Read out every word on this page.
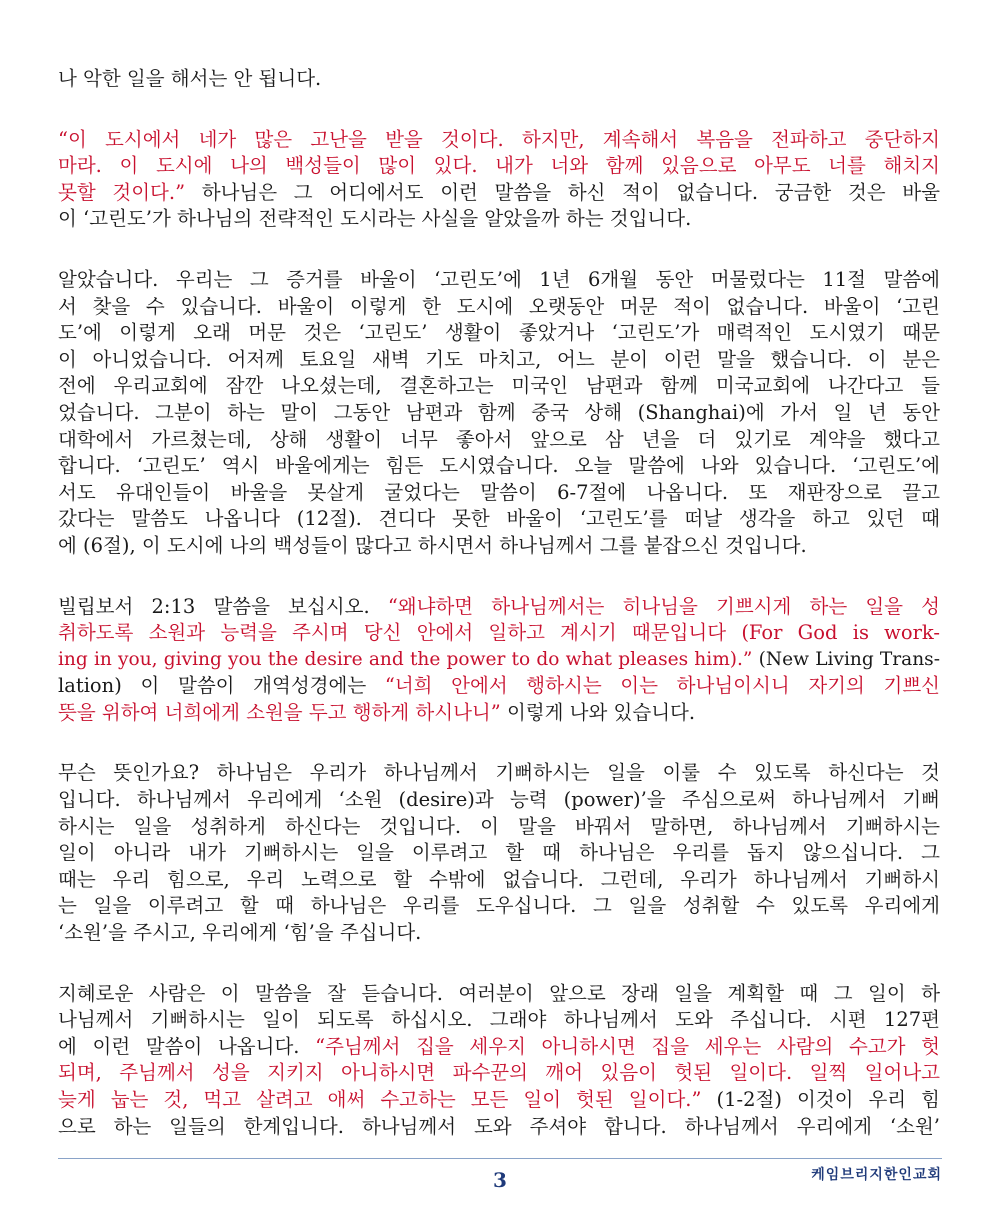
나 악한 일을 해서는 안 됩니다.

“이 도시에서 네가 많은 고난을 받을 것이다. 하지만, 계속해서 복음을 전파하고 중단하지
마라. 이 도시에 나의 백성들이 많이 있다. 내가 너와 함께 있음으로 아무도 너를 해치지
못할 것이다.” 하나님은 그 어디에서도 이런 말씀을 하신 적이 없습니다. 궁금한 것은 바울
이 ‘고린도’가 하나님의 전략적인 도시라는 사실을 알았을까 하는 것입니다.

알았습니다. 우리는 그 증거를 바울이 ‘고린도’에 1년 6개월 동안 머물렀다는 11절 말씀에
서 찾을 수 있습니다. 바울이 이렇게 한 도시에 오랫동안 머문 적이 없습니다. 바울이 ‘고린
도’에 이렇게 오래 머문 것은 ‘고린도’ 생활이 좋았거나 ‘고린도’가 매력적인 도시였기 때문
이 아니었습니다. 어저께 토요일 새벽 기도 마치고, 어느 분이 이런 말을 했습니다. 이 분은
전에 우리교회에 잠깐 나오셨는데, 결혼하고는 미국인 남편과 함께 미국교회에 나간다고 들
었습니다. 그분이 하는 말이 그동안 남편과 함께 중국 상해 (Shanghai)에 가서 일 년 동안
대학에서 가르쳤는데, 상해 생활이 너무 좋아서 앞으로 삼 년을 더 있기로 계약을 했다고
합니다. ‘고린도’ 역시 바울에게는 힘든 도시였습니다. 오늘 말씀에 나와 있습니다. ‘고린도’에
서도 유대인들이 바울을 못살게 굴었다는 말씀이 6-7절에 나옵니다. 또 재판장으로 끌고
갔다는 말씀도 나옵니다 (12절). 견디다 못한 바울이 ‘고린도’를 떠날 생각을 하고 있던 때
에 (6절), 이 도시에 나의 백성들이 많다고 하시면서 하나님께서 그를 붙잡으신 것입니다.

빌립보서 2:13 말씀을 보십시오. “왜냐하면 하나님께서는 히나님을 기쁘시게 하는 일을 성
취하도록 소원과 능력을 주시며 당신 안에서 일하고 계시기 때문입니다 (For God is work-
ing in you, giving you the desire and the power to do what pleases him).” (New Living Trans-
lation) 이 말씀이 개역성경에는 “너희 안에서 행하시는 이는 하나님이시니 자기의 기쁘신
뜻을 위하여 너희에게 소원을 두고 행하게 하시나니” 이렇게 나와 있습니다.

무슨 뜻인가요? 하나님은 우리가 하나님께서 기뻐하시는 일을 이룰 수 있도록 하신다는 것
입니다. 하나님께서 우리에게 ‘소원 (desire)과 능력 (power)’을 주심으로써 하나님께서 기뻐
하시는 일을 성취하게 하신다는 것입니다. 이 말을 바꿔서 말하면, 하나님께서 기뻐하시는
일이 아니라 내가 기뻐하시는 일을 이루려고 할 때 하나님은 우리를 돕지 않으십니다. 그
때는 우리 힘으로, 우리 노력으로 할 수밖에 없습니다. 그런데, 우리가 하나님께서 기뻐하시
는 일을 이루려고 할 때 하나님은 우리를 도우십니다. 그 일을 성취할 수 있도록 우리에게
‘소원’을 주시고, 우리에게 ‘힘’을 주십니다.

지혜로운 사람은 이 말씀을 잘 듣습니다. 여러분이 앞으로 장래 일을 계획할 때 그 일이 하
나님께서 기뻐하시는 일이 되도록 하십시오. 그래야 하나님께서 도와 주십니다. 시편 127편
에 이런 말씀이 나옵니다. “주님께서 집을 세우지 아니하시면 집을 세우는 사람의 수고가 헛
되며, 주님께서 성을 지키지 아니하시면 파수꾼의 깨어 있음이 헛된 일이다. 일찍 일어나고
늦게 눕는 것, 먹고 살려고 애써 수고하는 모든 일이 헛된 일이다.” (1-2절) 이것이 우리 힘
으로 하는 일들의 한계입니다. 하나님께서 도와 주셔야 합니다. 하나님께서 우리에게 ‘소원’

3	케임브리지한인교회
